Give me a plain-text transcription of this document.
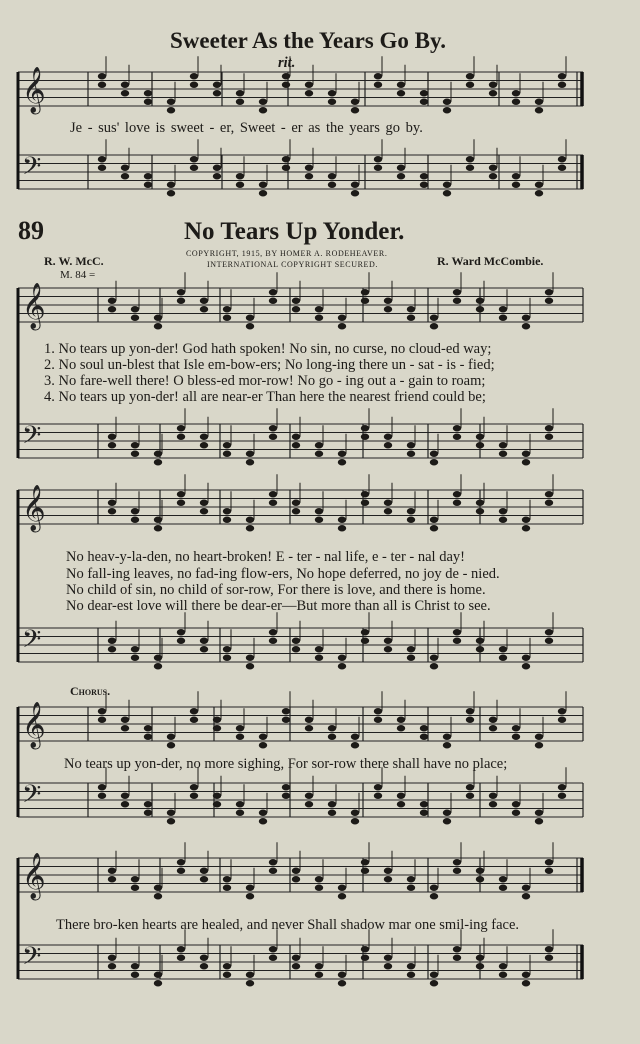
𝄞
𝄢
𝄞
𝄢
𝄞
𝄢
𝄞
𝄢
𝄞
𝄢
Sweeter As the Years Go By.
rit.
Je - sus' love is sweet - er, Sweet - er as the years go by.
89	No Tears Up Yonder.
COPYRIGHT, 1915, BY HOMER A. RODEHEAVER.
INTERNATIONAL COPYRIGHT SECURED.
R. W. McC.	R. Ward McCombie.
M. 84 =
1. No tears up yon-der! God hath spoken! No sin, no curse, no cloud-ed way;
2. No soul un-blest that Isle em-bow-ers; No long-ing there un - sat - is - fied;
3. No fare-well there! O bless-ed mor-row! No go - ing out a - gain to roam;
4. No tears up yon-der! all are near-er Than here the nearest friend could be;
No heav-y-la-den, no heart-broken! E - ter - nal life, e - ter - nal day!
No fall-ing leaves, no fad-ing flow-ers, No hope deferred, no joy de - nied.
No child of sin, no child of sor-row, For there is love, and there is home.
No dear-est love will there be dear-er—But more than all is Christ to see.
Chorus.
No tears up yon-der, no more sighing, For sor-row there shall have no place;
There bro-ken hearts are healed, and never Shall shadow mar one smil-ing face.
